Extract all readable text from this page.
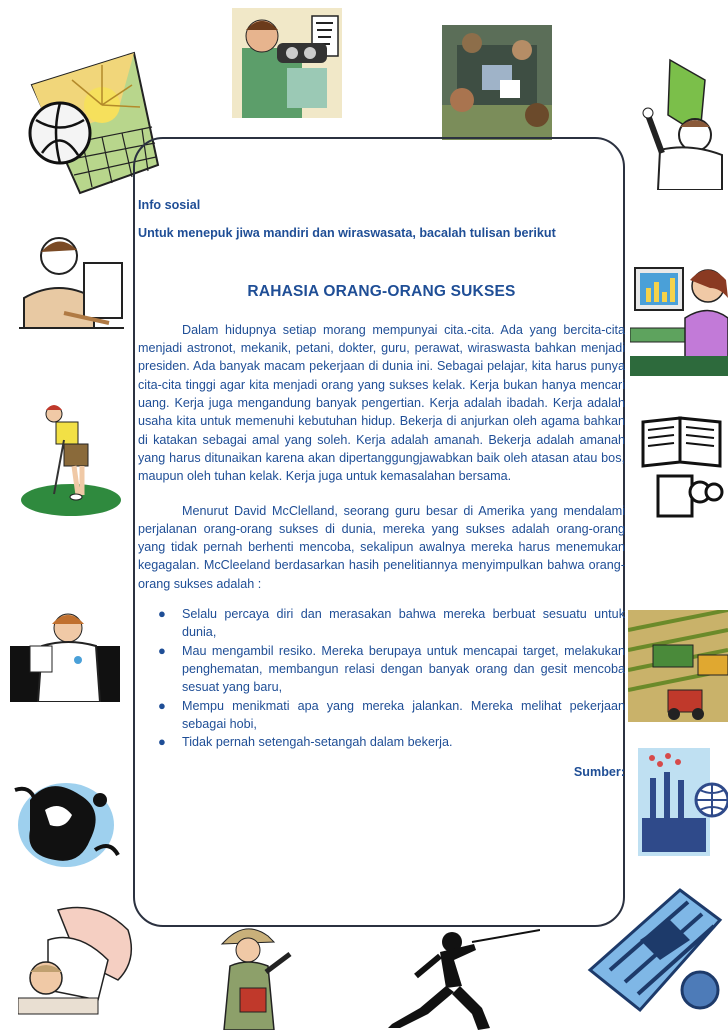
Info sosial

Untuk menepuk jiwa mandiri dan wiraswasata, bacalah tulisan berikut

RAHASIA ORANG-ORANG SUKSES

Dalam hidupnya setiap morang mempunyai cita.-cita. Ada yang bercita-cita menjadi astronot, mekanik, petani, dokter, guru, perawat, wiraswasta bahkan menjadi presiden. Ada banyak macam pekerjaan di dunia ini. Sebagai pelajar, kita harus punya cita-cita tinggi agar kita menjadi orang yang sukses kelak. Kerja bukan hanya mencari uang. Kerja juga mengandung banyak pengertian. Kerja adalah ibadah. Kerja adalah usaha kita untuk memenuhi kebutuhan hidup. Bekerja di anjurkan oleh agama bahkan di katakan sebagai amal yang soleh. Kerja adalah amanah. Bekerja adalah amanah yang harus ditunaikan karena akan dipertanggungjawabkan baik oleh atasan atau bos, maupun oleh tuhan kelak. Kerja juga untuk kemasalahan bersama.

Menurut David McClelland, seorang guru besar di Amerika yang mendalami perjalanan orang-orang sukses di dunia, mereka yang sukses adalah orang-orang yang tidak pernah berhenti mencoba, sekalipun awalnya mereka harus menemukan kegagalan. McCleeland berdasarkan hasih penelitiannya menyimpulkan bahwa orang-orang sukses adalah :

● Selalu percaya diri dan merasakan bahwa mereka berbuat sesuatu untuk dunia,
● Mau mengambil resiko. Mereka berupaya untuk mencapai target, melakukan penghematan, membangun relasi dengan banyak orang dan gesit mencoba sesuat yang baru,
● Mempu menikmati apa yang mereka jalankan. Mereka melihat pekerjaan sebagai hobi,
● Tidak pernah setengah-setangah dalam bekerja.

Sumber:
